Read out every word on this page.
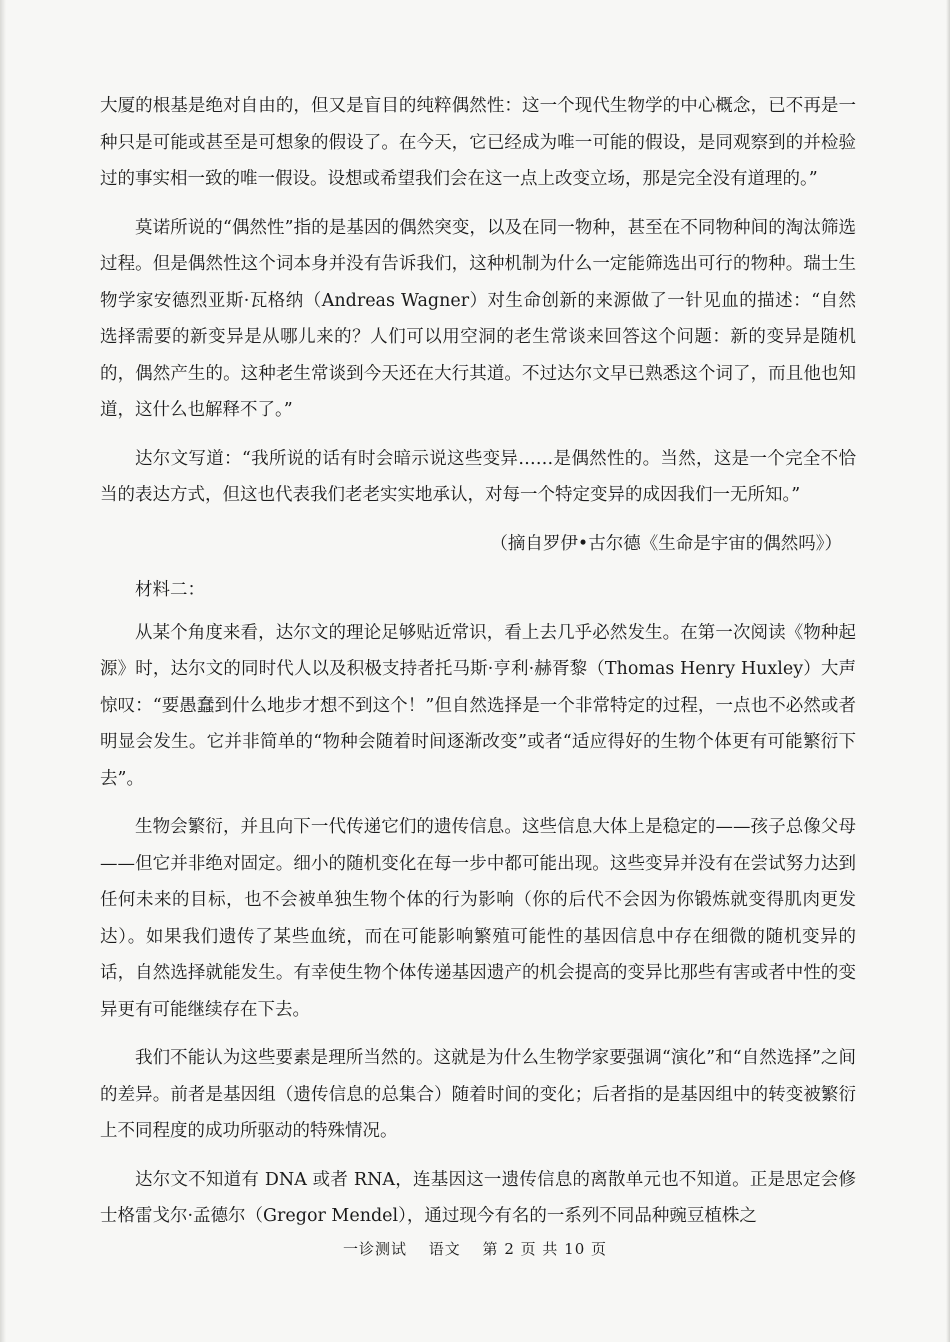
大厦的根基是绝对自由的，但又是盲目的纯粹偶然性：这一个现代生物学的中心概念，已不再是一种只是可能或甚至是可想象的假设了。在今天，它已经成为唯一可能的假设，是同观察到的并检验过的事实相一致的唯一假设。设想或希望我们会在这一点上改变立场，那是完全没有道理的。”

莫诺所说的“偶然性”指的是基因的偶然突变，以及在同一物种，甚至在不同物种间的淘汰筛选过程。但是偶然性这个词本身并没有告诉我们，这种机制为什么一定能筛选出可行的物种。瑞士生物学家安德烈亚斯·瓦格纳（Andreas Wagner）对生命创新的来源做了一针见血的描述：“自然选择需要的新变异是从哪儿来的？人们可以用空洞的老生常谈来回答这个问题：新的变异是随机的，偶然产生的。这种老生常谈到今天还在大行其道。不过达尔文早已熟悉这个词了，而且他也知道，这什么也解释不了。”

达尔文写道：“我所说的话有时会暗示说这些变异……是偶然性的。当然，这是一个完全不恰当的表达方式，但这也代表我们老老实实地承认，对每一个特定变异的成因我们一无所知。”

（摘自罗伊•古尔德《生命是宇宙的偶然吗》）

材料二：

从某个角度来看，达尔文的理论足够贴近常识，看上去几乎必然发生。在第一次阅读《物种起源》时，达尔文的同时代人以及积极支持者托马斯·亨利·赫胥黎（Thomas Henry Huxley）大声惊叹：“要愚蠢到什么地步才想不到这个！”但自然选择是一个非常特定的过程，一点也不必然或者明显会发生。它并非简单的“物种会随着时间逐渐改变”或者“适应得好的生物个体更有可能繁衍下去”。

生物会繁衍，并且向下一代传递它们的遗传信息。这些信息大体上是稳定的——孩子总像父母——但它并非绝对固定。细小的随机变化在每一步中都可能出现。这些变异并没有在尝试努力达到任何未来的目标，也不会被单独生物个体的行为影响（你的后代不会因为你锻炼就变得肌肉更发达）。如果我们遗传了某些血统，而在可能影响繁殖可能性的基因信息中存在细微的随机变异的话，自然选择就能发生。有幸使生物个体传递基因遗产的机会提高的变异比那些有害或者中性的变异更有可能继续存在下去。

我们不能认为这些要素是理所当然的。这就是为什么生物学家要强调“演化”和“自然选择”之间的差异。前者是基因组（遗传信息的总集合）随着时间的变化；后者指的是基因组中的转变被繁衍上不同程度的成功所驱动的特殊情况。

达尔文不知道有 DNA 或者 RNA，连基因这一遗传信息的离散单元也不知道。正是思定会修士格雷戈尔·孟德尔（Gregor Mendel），通过现今有名的一系列不同品种豌豆植株之

一诊测试 语文 第 2 页 共 10 页
